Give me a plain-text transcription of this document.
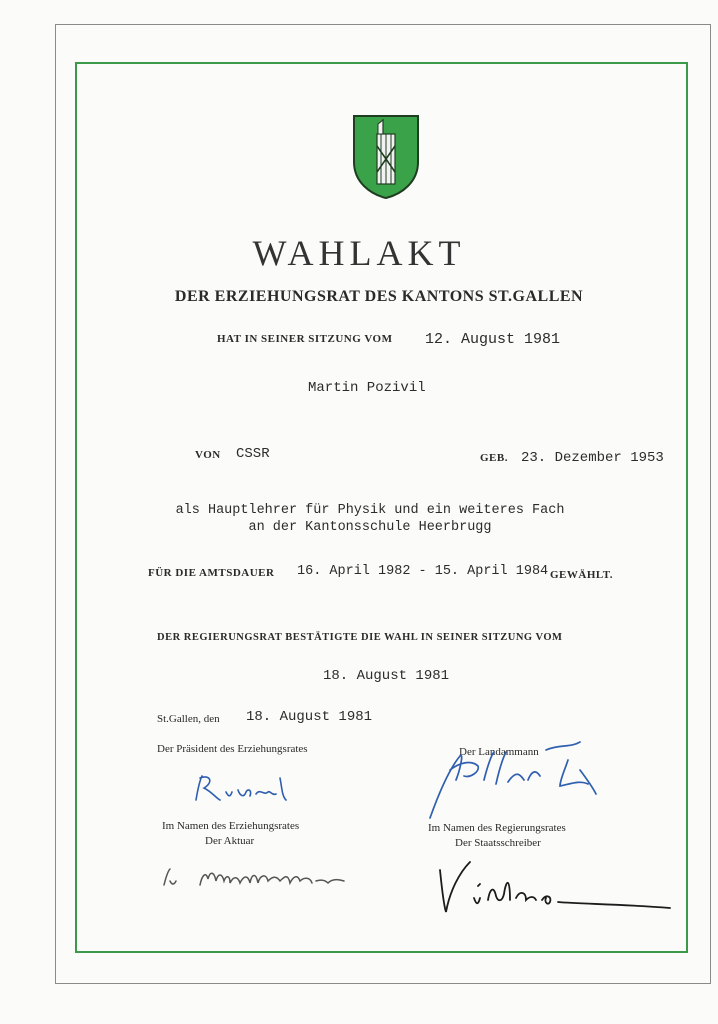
WAHLAKT
DER ERZIEHUNGSRAT DES KANTONS ST.GALLEN
HAT IN SEINER SITZUNG VOM 12. August 1981
Martin Pozivil
VON CSSR	GEB. 23. Dezember 1953
als Hauptlehrer für Physik und ein weiteres Fach
an der Kantonsschule Heerbrugg
FÜR DIE AMTSDAUER 16. April 1982 - 15. April 1984 GEWÄHLT.
DER REGIERUNGSRAT BESTÄTIGTE DIE WAHL IN SEINER SITZUNG VOM
18. August 1981
St.Gallen, den 18. August 1981
Der Präsident des Erziehungsrates	Der Landammann
Im Namen des Erziehungsrates
Der Aktuar
Im Namen des Regierungsrates
Der Staatsschreiber
